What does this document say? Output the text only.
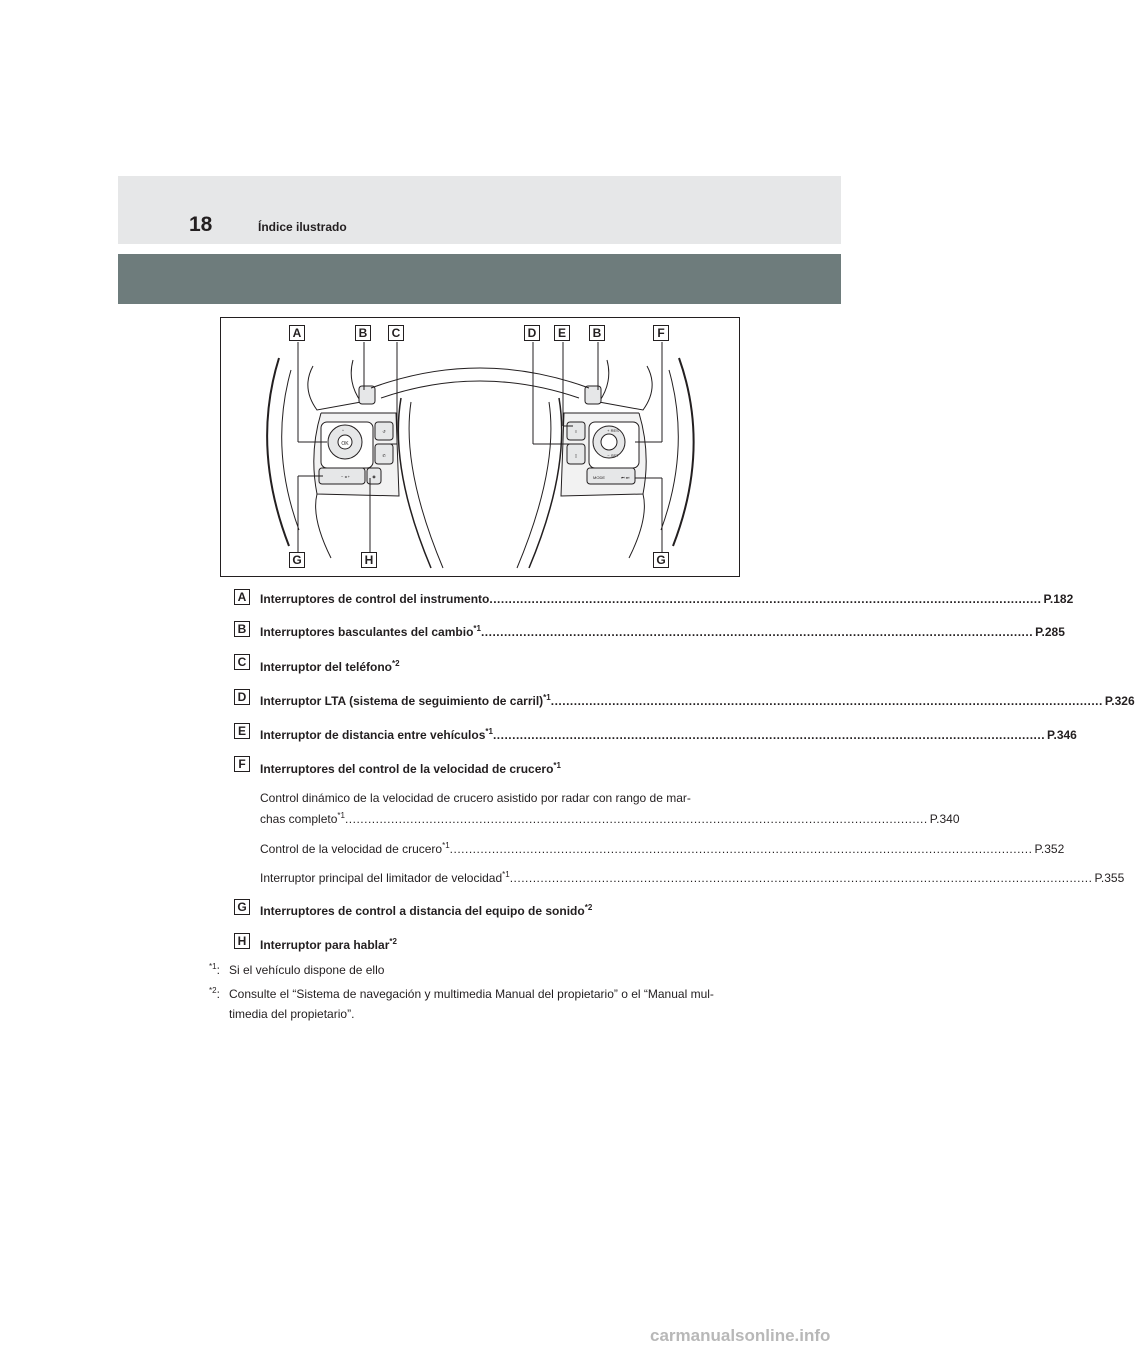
18	Índice ilustrado
OK
+ RES
− SET
MODE
^	↺
✆
− ◂ +	◉
≡
▯
⏮ ⏭
A	B	C	D	E	B	F
G	H	G
A	Interruptores de control del instrumento ................................................................................................................................................ P.182
B	Interruptores basculantes del cambio$^{*1}$ ................................................................................................................................................ P.285
C	Interruptor del teléfono$^{*2}$
D	Interruptor LTA (sistema de seguimiento de carril)$^{*1}$ ................................................................................................................................................ P.326
E	Interruptor de distancia entre vehículos$^{*1}$ ................................................................................................................................................ P.346
F	Interruptores del control de la velocidad de crucero$^{*1}$
Control dinámico de la velocidad de crucero asistido por radar con rango de mar-
chas completo$^{*1}$ ........................................................................................................................................................ P.340
Control de la velocidad de crucero$^{*1}$ ........................................................................................................................................................ P.352
Interruptor principal del limitador de velocidad$^{*1}$ ........................................................................................................................................................ P.355
G Interruptores de control a distancia del equipo de sonido$^{*2}$
H	Interruptor para hablar$^{*2}$
$^{*1}$: Si el vehículo dispone de ello
$^{*2}$: Consulte el “Sistema de navegación y multimedia Manual del propietario” o el “Manual mul-
timedia del propietario”.
carmanualsonline.info
